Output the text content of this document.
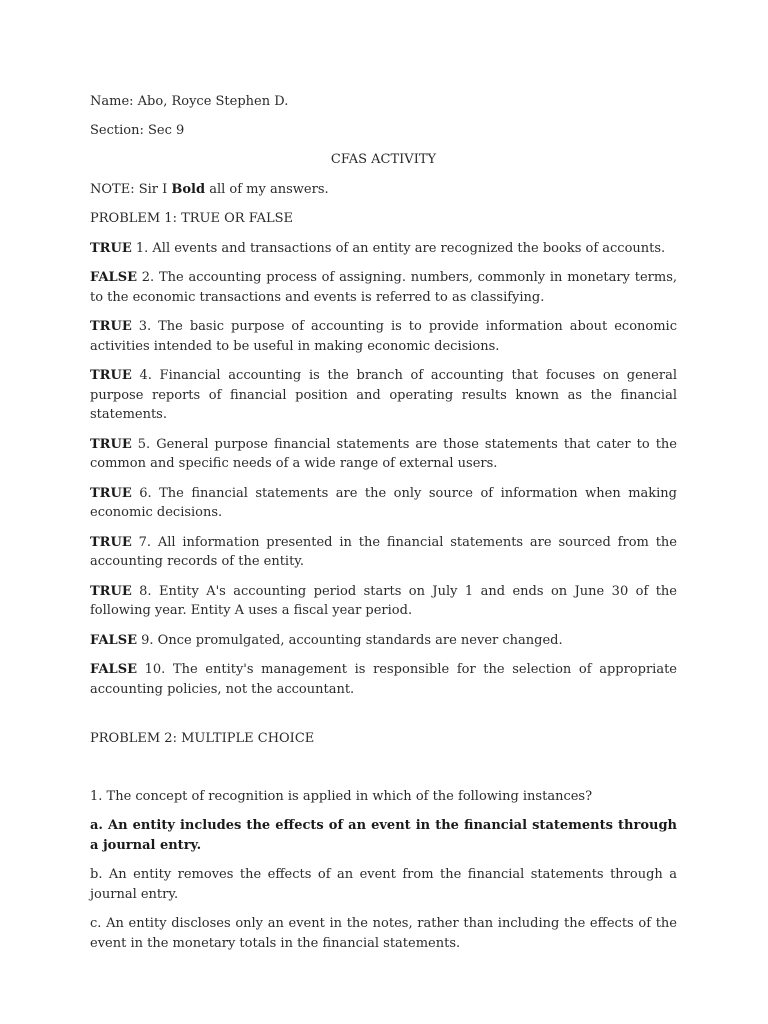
Name: Abo, Royce Stephen D.

Section: Sec 9

CFAS ACTIVITY

NOTE: Sir I Bold all of my answers.

PROBLEM 1: TRUE OR FALSE

TRUE 1. All events and transactions of an entity are recognized the books of accounts.

FALSE 2. The accounting process of assigning. numbers, commonly in monetary terms, to the economic transactions and events is referred to as classifying.

TRUE 3. The basic purpose of accounting is to provide information about economic activities intended to be useful in making economic decisions.

TRUE 4. Financial accounting is the branch of accounting that focuses on general purpose reports of financial position and operating results known as the financial statements.

TRUE 5. General purpose financial statements are those statements that cater to the common and specific needs of a wide range of external users.

TRUE 6. The financial statements are the only source of information when making economic decisions.

TRUE 7. All information presented in the financial statements are sourced from the accounting records of the entity.

TRUE 8. Entity A's accounting period starts on July 1 and ends on June 30 of the following year. Entity A uses a fiscal year period.

FALSE 9. Once promulgated, accounting standards are never changed.

FALSE 10. The entity's management is responsible for the selection of appropriate accounting policies, not the accountant.

PROBLEM 2: MULTIPLE CHOICE

1. The concept of recognition is applied in which of the following instances?

a. An entity includes the effects of an event in the financial statements through a journal entry.

b. An entity removes the effects of an event from the financial statements through a journal entry.

c. An entity discloses only an event in the notes, rather than including the effects of the event in the monetary totals in the financial statements.
